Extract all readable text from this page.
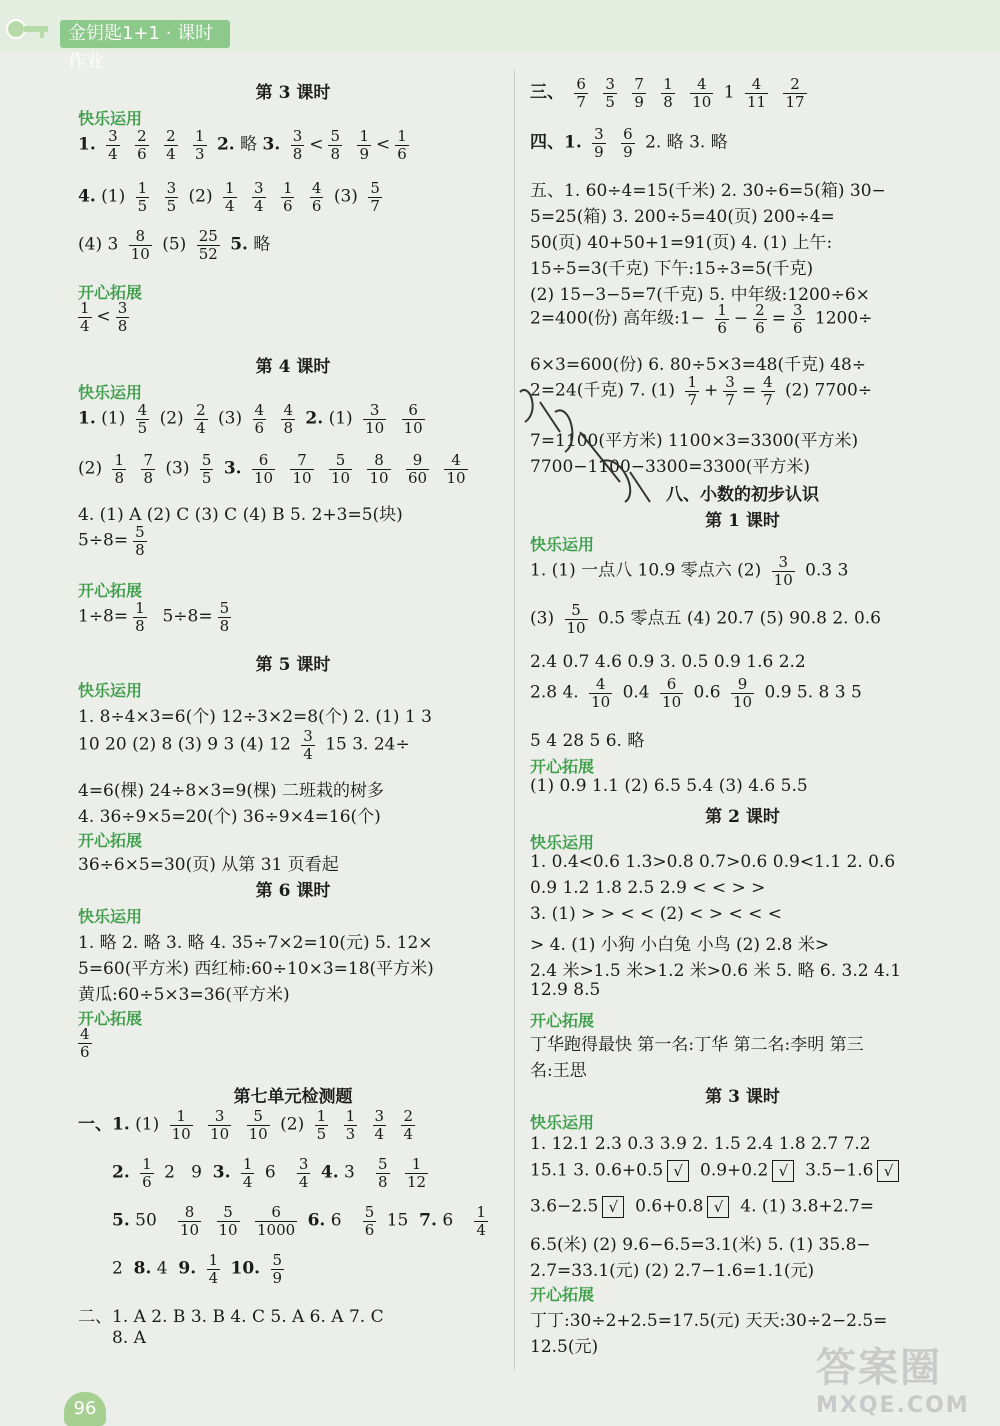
金钥匙1+1 · 课时作业
第 3 课时
快乐运用
1. $\frac{3}{4}$
$\frac{2}{6}$
$\frac{2}{4}$
$\frac{1}{3} 2$. 略 3. $\frac{3}{8} < \frac{5}{8}$
$\frac{1}{9} < \frac{1}{6}$
4. $(1) \frac{1}{5}$
$\frac{3}{5} (2) \frac{1}{4}$
$\frac{3}{4}$
$\frac{1}{6}$
$\frac{4}{6} (3) \frac{5}{7}$
(4) $3 \frac{8}{10} (5) \frac{25}{52} 5$. 略
开心拓展
$\frac{1}{4} < \frac{3}{8}$
第 4 课时
快乐运用
1. $(1) \frac{4}{5} (2) \frac{2}{4} (3) \frac{4}{6}$
$\frac{4}{8} 2$. $(1) \frac{3}{10}$
$\frac{6}{10}$
$(2) \frac{1}{8}$
$\frac{7}{8} (3) \frac{5}{5} 3$. $\frac{6}{10}$
$\frac{7}{10}$
$\frac{5}{10}$
$\frac{8}{10}$
$\frac{9}{60}$
$\frac{4}{10}$
4. (1) A (2) C (3) C (4) B 5. 2+3=5(块)
$5\div 8= \frac{5}{8}$
开心拓展
$1\div 8= \frac{1}{8} 5\div 8= \frac{5}{8}$
第 5 课时
快乐运用
1. 8÷4×3=6(个) 12÷3×2=8(个) 2. (1) 1 3
10 20 (2) 8 (3) 9 3 (4) $12 \frac{3}{4} 15$ 3. 24÷
4=6(棵) 24÷8×3=9(棵) 二班栽的树多
4. 36÷9×5=20(个) 36÷9×4=16(个)
开心拓展
36÷6×5=30(页) 从第 31 页看起
第 6 课时
快乐运用
1. 略 2. 略 3. 略 4. 35÷7×2=10(元) 5. 12×
5=60(平方米) 西红柿:60÷10×3=18(平方米)
黄瓜:60÷5×3=36(平方米)
开心拓展
$\frac{4}{6}$
第七单元检测题
一、1. $(1) \frac{1}{10}$
$\frac{3}{10}$
$\frac{5}{10} (2) \frac{1}{5}$
$\frac{1}{3}$
$\frac{3}{4}$
$\frac{2}{4}$
2. $\frac{1}{6} 2$   9  3. $\frac{1}{4} 6 \frac{3}{4} 4$. $3 \frac{5}{8}$
$\frac{1}{12}$
5. $50 \frac{8}{10}$
$\frac{5}{10}$
$\frac{6}{1000} 6$. $6 \frac{5}{6} 15$  7. $6 \frac{1}{4}$
2  8. 4  9. $\frac{1}{4} 10$. $\frac{5}{9}$
二、1. A 2. B 3. B 4. C 5. A 6. A 7. C
8. A
三、 $\frac{6}{7}$
$\frac{3}{5}$
$\frac{7}{9}$
$\frac{1}{8}$
$\frac{4}{10} 1 \frac{4}{11}$
$\frac{2}{17}$
四、1. $\frac{3}{9}$
$\frac{6}{9} 2$. 略 3. 略
五、1. 60÷4=15(千米) 2. 30÷6=5(箱) 30−
5=25(箱) 3. 200÷5=40(页) 200÷4=
50(页) 40+50+1=91(页) 4. (1) 上午:
15÷5=3(千克) 下午:15÷3=5(千克)
(2) 15−3−5=7(千克) 5. 中年级:1200÷6×
2=400(份) 高年级:1− $\frac{1}{6} - \frac{2}{6} = \frac{3}{6} 1200\div$
6×3=600(份) 6. 80÷5×3=48(千克) 48÷
2=24(千克) 7. $(1) \frac{1}{7} + \frac{3}{7} = \frac{4}{7} (2)$ 7700÷
7=1100(平方米) 1100×3=3300(平方米)
7700−1100−3300=3300(平方米)
八、小数的初步认识
第 1 课时
快乐运用
1. (1) 一点八 10.9 零点六 $(2) \frac{3}{10} 0.3$ 3
$(3) \frac{5}{10} 0.5$ 零点五 (4) 20.7 (5) 90.8 2. 0.6
2.4 0.7 4.6 0.9 3. 0.5 0.9 1.6 2.2
2.8 4. $\frac{4}{10} 0.4 \frac{6}{10} 0.6 \frac{9}{10} 0.9$ 5. 8 3 5
5 4 28 5 6. 略
开心拓展
(1) 0.9 1.1 (2) 6.5 5.4 (3) 4.6 5.5
第 2 课时
快乐运用
1. 0.4<0.6 1.3>0.8 0.7>0.6 0.9<1.1 2. 0.6
0.9 1.2 1.8 2.5 2.9 < < > >
3. (1) > > < < (2) < > < < <
> 4. (1) 小狗 小白兔 小鸟 (2) 2.8 米>
2.4 米>1.5 米>1.2 米>0.6 米 5. 略 6. 3.2 4.1
12.9 8.5
开心拓展
丁华跑得最快 第一名:丁华 第二名:李明 第三
名:王思
第 3 课时
快乐运用
1. 12.1 2.3 0.3 3.9 2. 1.5 2.4 1.8 2.7 7.2
15.1 3. 0.6+0.5 √ 0.9+0.2 √ 3.5−1.6 √
3.6−2.5 √ 0.6+0.8 √ 4. (1) 3.8+2.7=
6.5(米) (2) 9.6−6.5=3.1(米) 5. (1) 35.8−
2.7=33.1(元) (2) 2.7−1.6=1.1(元)
开心拓展
丁丁:30÷2+2.5=17.5(元) 天天:30÷2−2.5=
12.5(元)
96
答案圈
MXQE.COM
